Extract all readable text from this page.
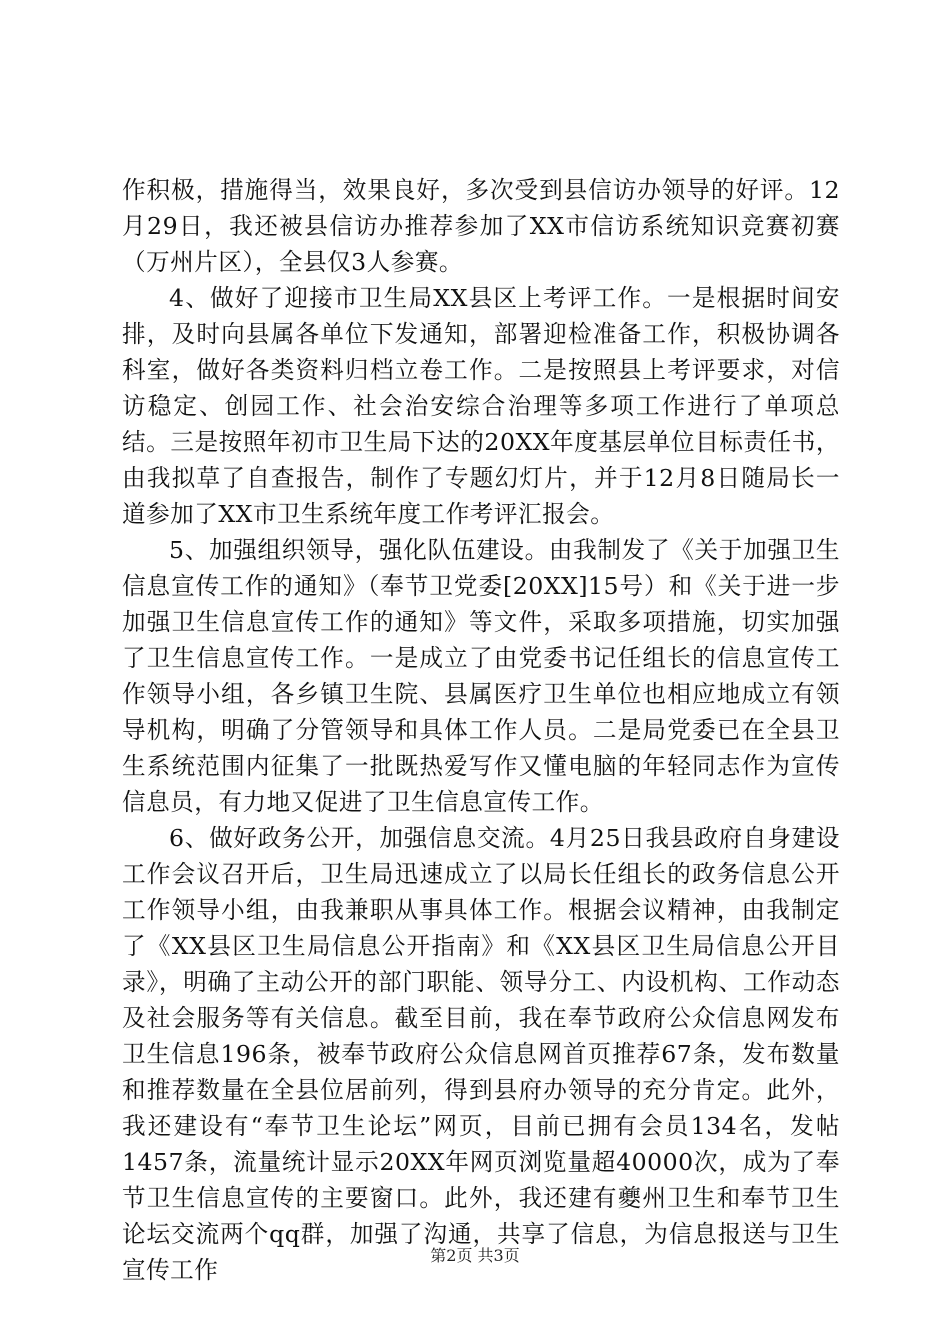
作积极，措施得当，效果良好，多次受到县信访办领导的好评。12月29日，我还被县信访办推荐参加了XX市信访系统知识竞赛初赛（万州片区），全县仅3人参赛。

4、做好了迎接市卫生局XX县区上考评工作。一是根据时间安排，及时向县属各单位下发通知，部署迎检准备工作，积极协调各科室，做好各类资料归档立卷工作。二是按照县上考评要求，对信访稳定、创园工作、社会治安综合治理等多项工作进行了单项总结。三是按照年初市卫生局下达的20XX年度基层单位目标责任书，由我拟草了自查报告，制作了专题幻灯片，并于12月8日随局长一道参加了XX市卫生系统年度工作考评汇报会。

5、加强组织领导，强化队伍建设。由我制发了《关于加强卫生信息宣传工作的通知》（奉节卫党委[20XX]15号）和《关于进一步加强卫生信息宣传工作的通知》等文件，采取多项措施，切实加强了卫生信息宣传工作。一是成立了由党委书记任组长的信息宣传工作领导小组，各乡镇卫生院、县属医疗卫生单位也相应地成立有领导机构，明确了分管领导和具体工作人员。二是局党委已在全县卫生系统范围内征集了一批既热爱写作又懂电脑的年轻同志作为宣传信息员，有力地又促进了卫生信息宣传工作。

6、做好政务公开，加强信息交流。4月25日我县政府自身建设工作会议召开后，卫生局迅速成立了以局长任组长的政务信息公开工作领导小组，由我兼职从事具体工作。根据会议精神，由我制定了《XX县区卫生局信息公开指南》和《XX县区卫生局信息公开目录》，明确了主动公开的部门职能、领导分工、内设机构、工作动态及社会服务等有关信息。截至目前，我在奉节政府公众信息网发布卫生信息196条，被奉节政府公众信息网首页推荐67条，发布数量和推荐数量在全县位居前列，得到县府办领导的充分肯定。此外，我还建设有“奉节卫生论坛”网页，目前已拥有会员134名，发帖1457条，流量统计显示20XX年网页浏览量超40000次，成为了奉节卫生信息宣传的主要窗口。此外，我还建有夔州卫生和奉节卫生论坛交流两个qq群，加强了沟通，共享了信息，为信息报送与卫生宣传工作

第2页 共3页
